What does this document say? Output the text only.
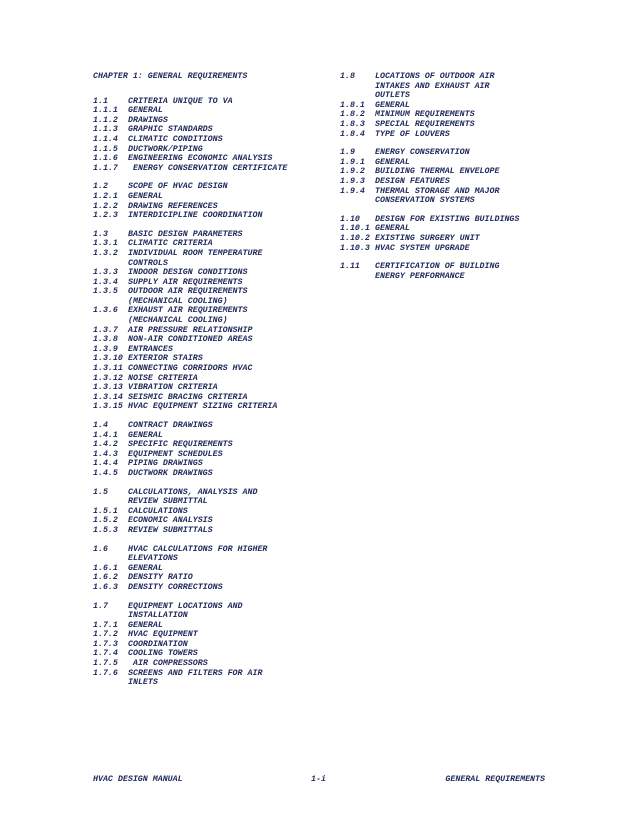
CHAPTER 1: GENERAL REQUIREMENTS
1.1	CRITERIA UNIQUE TO VA
1.1.1	GENERAL
1.1.2	DRAWINGS
1.1.3	GRAPHIC STANDARDS
1.1.4	CLIMATIC CONDITIONS
1.1.5	DUCTWORK/PIPING
1.1.6	ENGINEERING ECONOMIC ANALYSIS
1.1.7	ENERGY CONSERVATION CERTIFICATE
1.2	SCOPE OF HVAC DESIGN
1.2.1	GENERAL
1.2.2	DRAWING REFERENCES
1.2.3	INTERDICIPLINE COORDINATION
1.3	BASIC DESIGN PARAMETERS
1.3.1	CLIMATIC CRITERIA
1.3.2	INDIVIDUAL ROOM TEMPERATURE
CONTROLS
1.3.3	INDOOR DESIGN CONDITIONS
1.3.4	SUPPLY AIR REQUIREMENTS
1.3.5	OUTDOOR AIR REQUIREMENTS
(MECHANICAL COOLING)
1.3.6	EXHAUST AIR REQUIREMENTS
(MECHANICAL COOLING)
1.3.7	AIR PRESSURE RELATIONSHIP
1.3.8	NON-AIR CONDITIONED AREAS
1.3.9	ENTRANCES
1.3.10 EXTERIOR STAIRS
1.3.11 CONNECTING CORRIDORS HVAC
1.3.12 NOISE CRITERIA
1.3.13 VIBRATION CRITERIA
1.3.14 SEISMIC BRACING CRITERIA
1.3.15 HVAC EQUIPMENT SIZING CRITERIA
1.4	CONTRACT DRAWINGS
1.4.1	GENERAL
1.4.2	SPECIFIC REQUIREMENTS
1.4.3	EQUIPMENT SCHEDULES
1.4.4	PIPING DRAWINGS
1.4.5	DUCTWORK DRAWINGS
1.5	CALCULATIONS, ANALYSIS AND
REVIEW SUBMITTAL
1.5.1	CALCULATIONS
1.5.2	ECONOMIC ANALYSIS
1.5.3	REVIEW SUBMITTALS
1.6	HVAC CALCULATIONS FOR HIGHER
ELEVATIONS
1.6.1	GENERAL
1.6.2	DENSITY RATIO
1.6.3	DENSITY CORRECTIONS
1.7	EQUIPMENT LOCATIONS AND
INSTALLATION
1.7.1	GENERAL
1.7.2	HVAC EQUIPMENT
1.7.3	COORDINATION
1.7.4	COOLING TOWERS
1.7.5	AIR COMPRESSORS
1.7.6	SCREENS AND FILTERS FOR AIR
INLETS
1.8	LOCATIONS OF OUTDOOR AIR
INTAKES AND EXHAUST AIR
OUTLETS
1.8.1	GENERAL
1.8.2	MINIMUM REQUIREMENTS
1.8.3	SPECIAL REQUIREMENTS
1.8.4	TYPE OF LOUVERS
1.9	ENERGY CONSERVATION
1.9.1	GENERAL
1.9.2	BUILDING THERMAL ENVELOPE
1.9.3	DESIGN FEATURES
1.9.4	THERMAL STORAGE AND MAJOR
CONSERVATION SYSTEMS
1.10	DESIGN FOR EXISTING BUILDINGS
1.10.1 GENERAL
1.10.2 EXISTING SURGERY UNIT
1.10.3 HVAC SYSTEM UPGRADE
1.11	CERTIFICATION OF BUILDING
ENERGY PERFORMANCE
HVAC DESIGN MANUAL	1-i	GENERAL REQUIREMENTS
